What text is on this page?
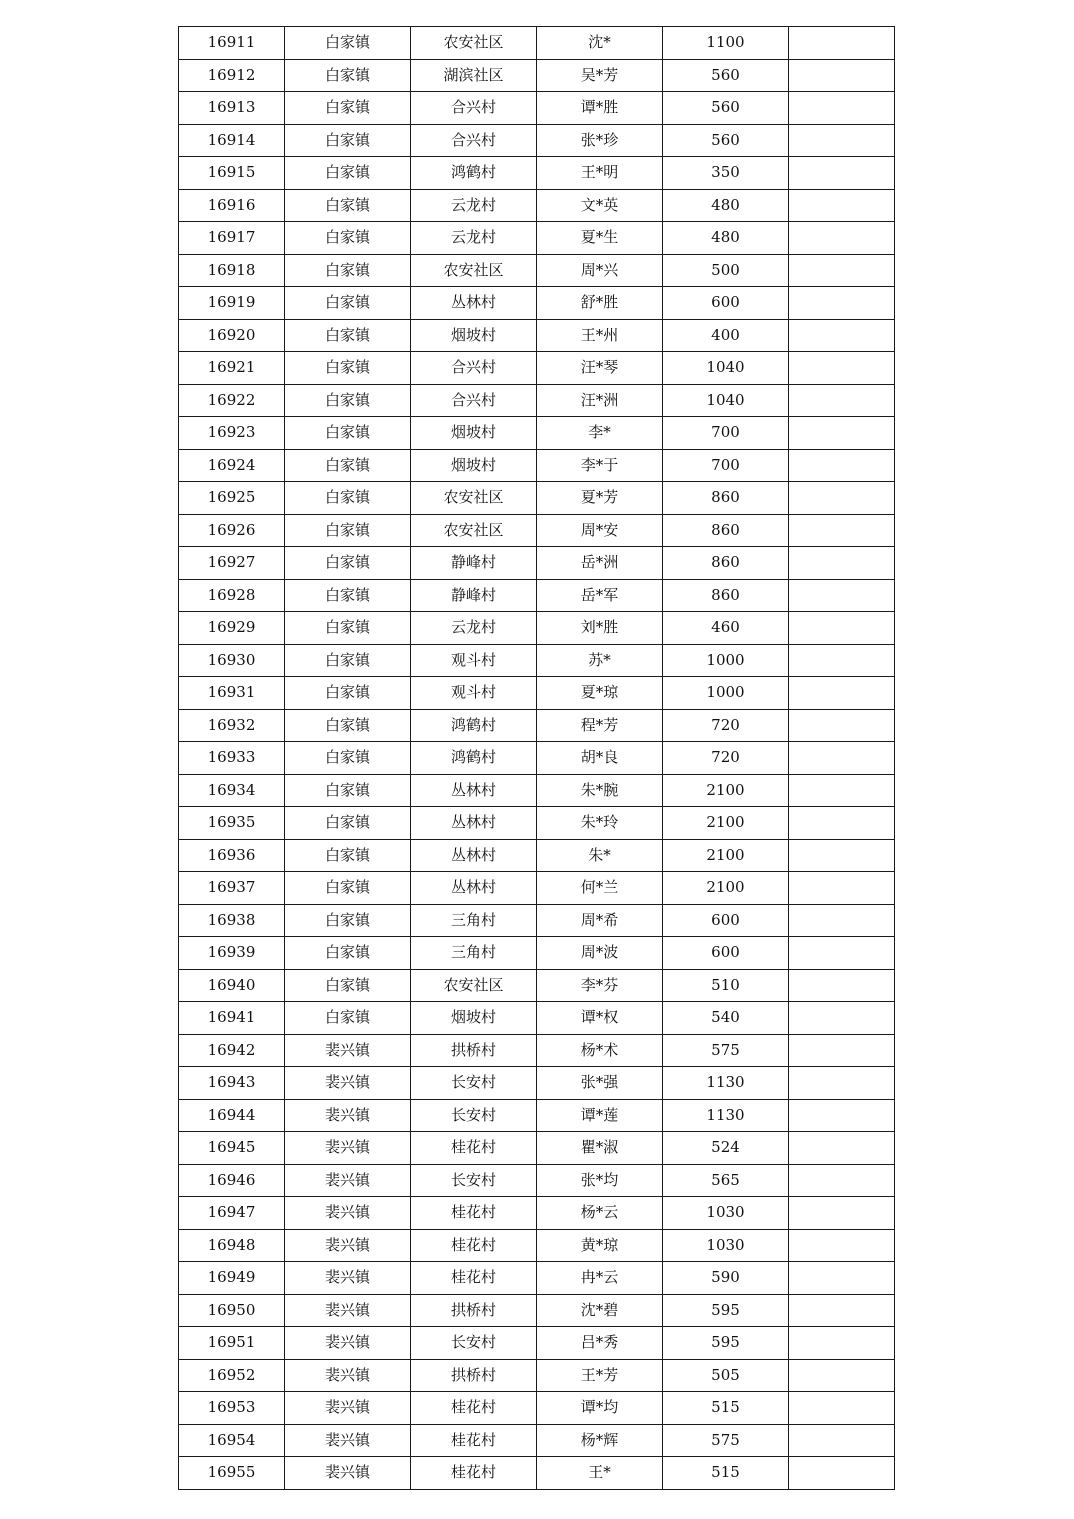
16911	白家镇	农安社区	沈*	1100	
16912	白家镇	湖滨社区	吴*芳	560	
16913	白家镇	合兴村	谭*胜	560	
16914	白家镇	合兴村	张*珍	560	
16915	白家镇	鸿鹤村	王*明	350	
16916	白家镇	云龙村	文*英	480	
16917	白家镇	云龙村	夏*生	480	
16918	白家镇	农安社区	周*兴	500	
16919	白家镇	丛林村	舒*胜	600	
16920	白家镇	烟坡村	王*州	400	
16921	白家镇	合兴村	汪*琴	1040	
16922	白家镇	合兴村	汪*洲	1040	
16923	白家镇	烟坡村	李*	700	
16924	白家镇	烟坡村	李*于	700	
16925	白家镇	农安社区	夏*芳	860	
16926	白家镇	农安社区	周*安	860	
16927	白家镇	静峰村	岳*洲	860	
16928	白家镇	静峰村	岳*军	860	
16929	白家镇	云龙村	刘*胜	460	
16930	白家镇	观斗村	苏*	1000	
16931	白家镇	观斗村	夏*琼	1000	
16932	白家镇	鸿鹤村	程*芳	720	
16933	白家镇	鸿鹤村	胡*良	720	
16934	白家镇	丛林村	朱*腕	2100	
16935	白家镇	丛林村	朱*玲	2100	
16936	白家镇	丛林村	朱*	2100	
16937	白家镇	丛林村	何*兰	2100	
16938	白家镇	三角村	周*希	600	
16939	白家镇	三角村	周*波	600	
16940	白家镇	农安社区	李*芬	510	
16941	白家镇	烟坡村	谭*权	540	
16942	裴兴镇	拱桥村	杨*术	575	
16943	裴兴镇	长安村	张*强	1130	
16944	裴兴镇	长安村	谭*莲	1130	
16945	裴兴镇	桂花村	瞿*淑	524	
16946	裴兴镇	长安村	张*均	565	
16947	裴兴镇	桂花村	杨*云	1030	
16948	裴兴镇	桂花村	黄*琼	1030	
16949	裴兴镇	桂花村	冉*云	590	
16950	裴兴镇	拱桥村	沈*碧	595	
16951	裴兴镇	长安村	吕*秀	595	
16952	裴兴镇	拱桥村	王*芳	505	
16953	裴兴镇	桂花村	谭*均	515	
16954	裴兴镇	桂花村	杨*辉	575	
16955	裴兴镇	桂花村	王*	515	
